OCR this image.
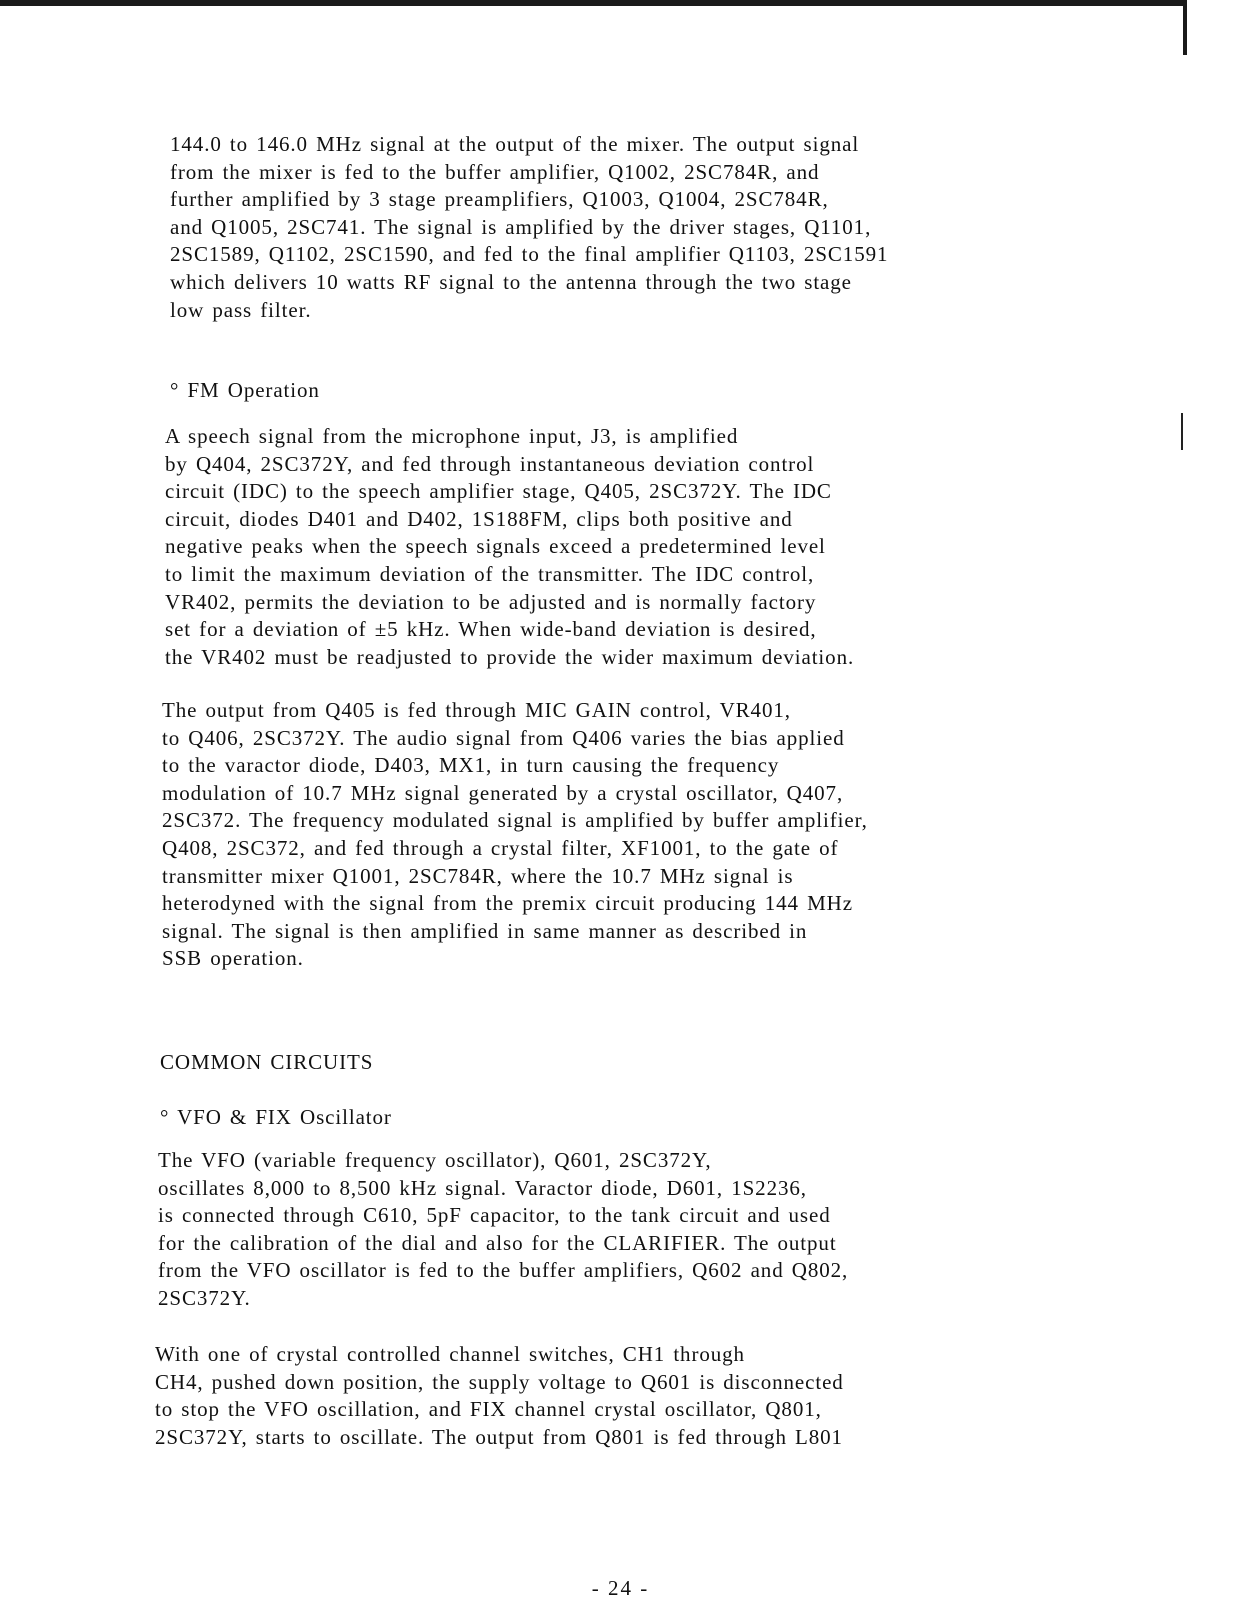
144.0 to 146.0 MHz signal at the output of the mixer. The output signal
from the mixer is fed to the buffer amplifier, Q1002, 2SC784R, and
further amplified by 3 stage preamplifiers, Q1003, Q1004, 2SC784R,
and Q1005, 2SC741. The signal is amplified by the driver stages, Q1101,
2SC1589, Q1102, 2SC1590, and fed to the final amplifier Q1103, 2SC1591
which delivers 10 watts RF signal to the antenna through the two stage
low pass filter.

° FM Operation

A speech signal from the microphone input, J3, is amplified
by Q404, 2SC372Y, and fed through instantaneous deviation control
circuit (IDC) to the speech amplifier stage, Q405, 2SC372Y. The IDC
circuit, diodes D401 and D402, 1S188FM, clips both positive and
negative peaks when the speech signals exceed a predetermined level
to limit the maximum deviation of the transmitter. The IDC control,
VR402, permits the deviation to be adjusted and is normally factory
set for a deviation of ±5 kHz. When wide-band deviation is desired,
the VR402 must be readjusted to provide the wider maximum deviation.

The output from Q405 is fed through MIC GAIN control, VR401,
to Q406, 2SC372Y. The audio signal from Q406 varies the bias applied
to the varactor diode, D403, MX1, in turn causing the frequency
modulation of 10.7 MHz signal generated by a crystal oscillator, Q407,
2SC372. The frequency modulated signal is amplified by buffer amplifier,
Q408, 2SC372, and fed through a crystal filter, XF1001, to the gate of
transmitter mixer Q1001, 2SC784R, where the 10.7 MHz signal is
heterodyned with the signal from the premix circuit producing 144 MHz
signal. The signal is then amplified in same manner as described in
SSB operation.

COMMON CIRCUITS

° VFO & FIX Oscillator

The VFO (variable frequency oscillator), Q601, 2SC372Y,
oscillates 8,000 to 8,500 kHz signal. Varactor diode, D601, 1S2236,
is connected through C610, 5pF capacitor, to the tank circuit and used
for the calibration of the dial and also for the CLARIFIER. The output
from the VFO oscillator is fed to the buffer amplifiers, Q602 and Q802,
2SC372Y.

With one of crystal controlled channel switches, CH1 through
CH4, pushed down position, the supply voltage to Q601 is disconnected
to stop the VFO oscillation, and FIX channel crystal oscillator, Q801,
2SC372Y, starts to oscillate. The output from Q801 is fed through L801

- 24 -
